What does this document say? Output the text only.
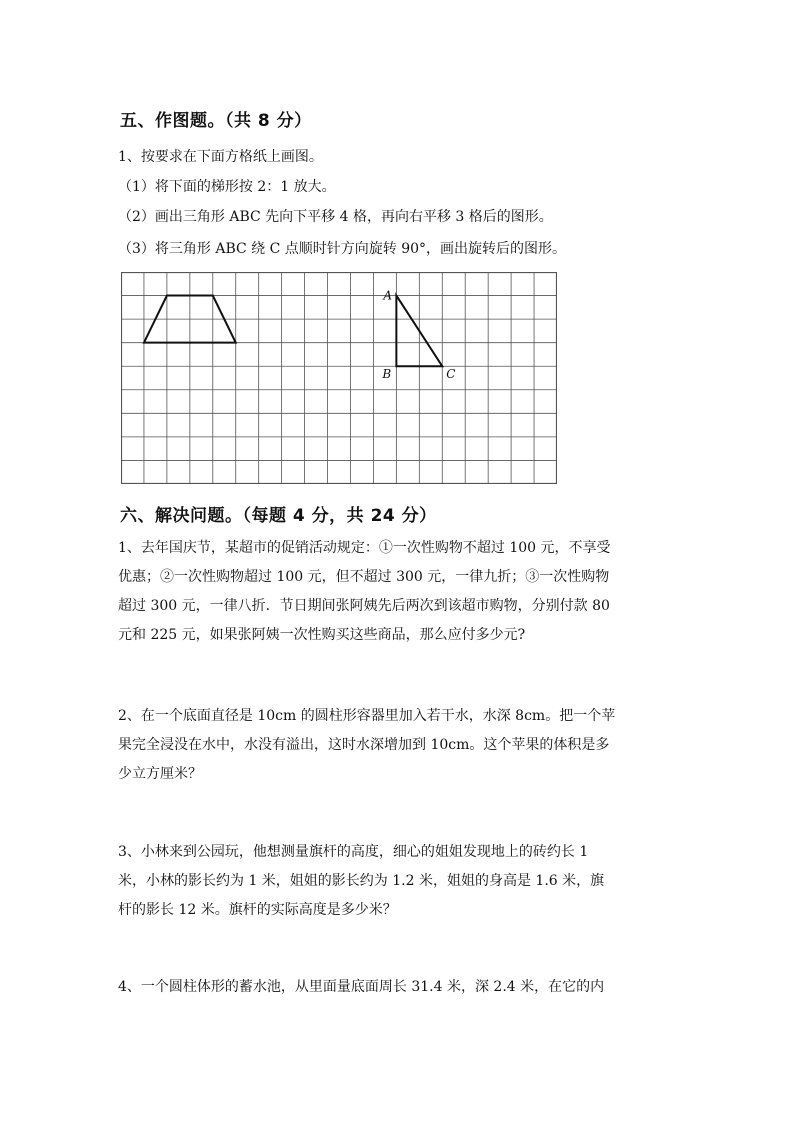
五、作图题。（共 8 分）
1、按要求在下面方格纸上画图。
（1）将下面的梯形按 2：1 放大。
（2）画出三角形 ABC 先向下平移 4 格，再向右平移 3 格后的图形。
（3）将三角形 ABC 绕 C 点顺时针方向旋转 90°，画出旋转后的图形。
A
B	C
六、解决问题。（每题 4 分，共 24 分）

1、去年国庆节，某超市的促销活动规定：①一次性购物不超过 100 元，不享受

优惠；②一次性购物超过 100 元，但不超过 300 元，一律九折；③一次性购物

超过 300 元，一律八折．节日期间张阿姨先后两次到该超市购物，分别付款 80

元和 225 元，如果张阿姨一次性购买这些商品，那么应付多少元?

2、在一个底面直径是 10cm 的圆柱形容器里加入若干水，水深 8cm。把一个苹

果完全浸没在水中，水没有溢出，这时水深增加到 10cm。这个苹果的体积是多

少立方厘米？

3、小林来到公园玩，他想测量旗杆的高度，细心的姐姐发现地上的砖约长 1

米，小林的影长约为 1 米，姐姐的影长约为 1.2 米，姐姐的身高是 1.6 米，旗

杆的影长 12 米。旗杆的实际高度是多少米？

4、一个圆柱体形的蓄水池，从里面量底面周长 31.4 米，深 2.4 米，在它的内
